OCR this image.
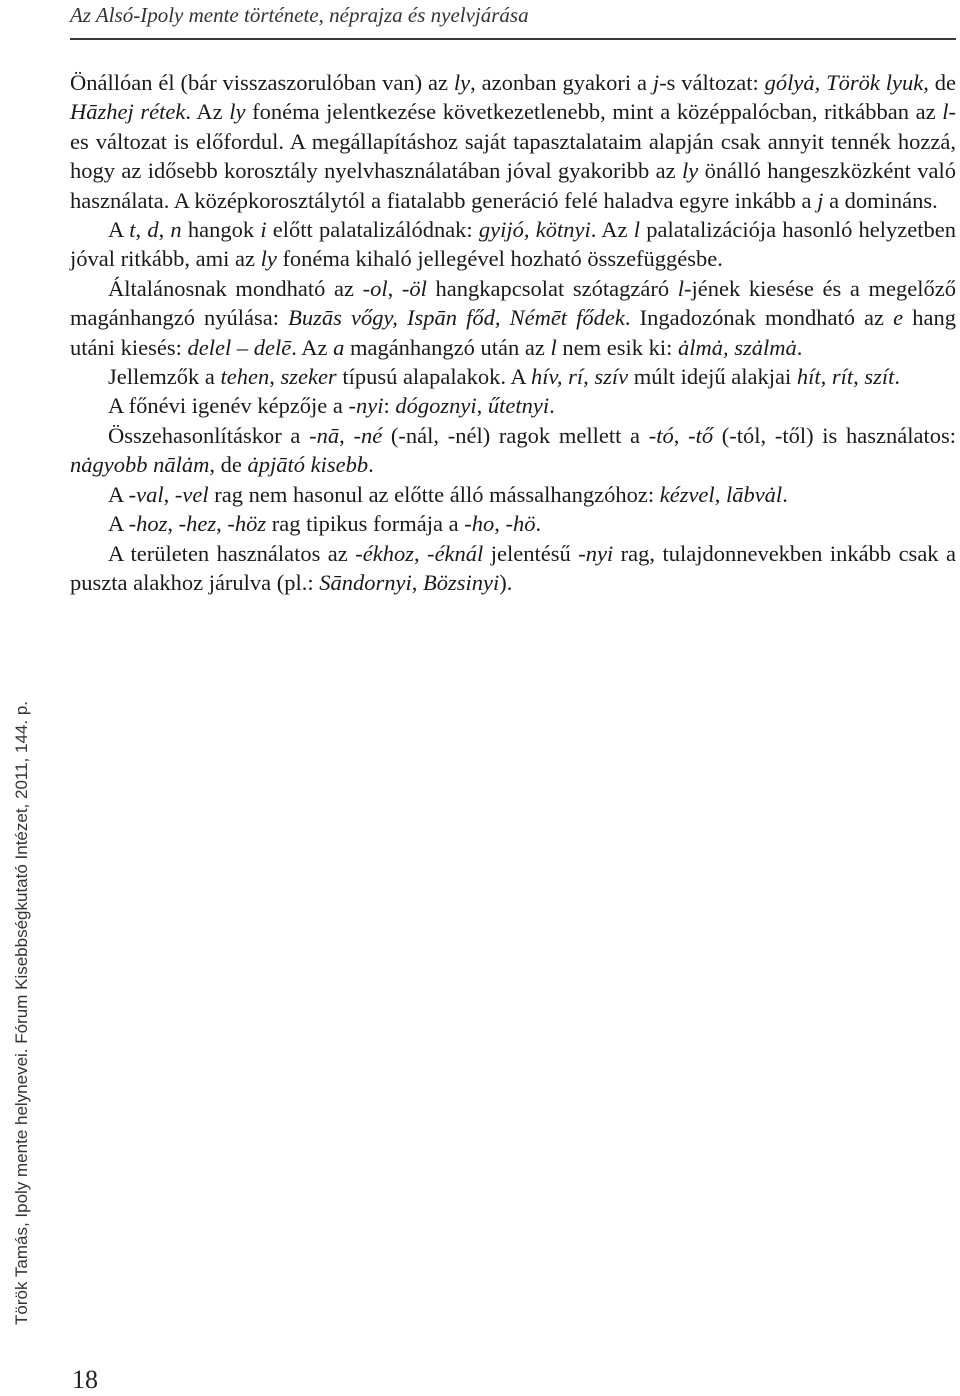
Az Alsó-Ipoly mente története, néprajza és nyelvjárása
Török Tamás, Ipoly mente helynevei. Fórum Kisebbségkutató Intézet, 2011, 144. p.

Önállóan él (bár visszaszorulóban van) az ly, azonban gyakori a j-s változat: gólyȧ, Török lyuk, de Hāzhej rétek. Az ly fonéma jelentkezése következetlenebb, mint a középpalócban, ritkábban az l-es változat is előfordul. A megállapításhoz saját tapasztalataim alapján csak annyit tennék hozzá, hogy az idősebb korosztály nyelvhasználatában jóval gyakoribb az ly önálló hangeszközként való használata. A középkorosztálytól a fiatalabb generáció felé haladva egyre inkább a j a domináns.

A t, d, n hangok i előtt palatalizálódnak: gyijó, kötnyi. Az l palatalizációja hasonló helyzetben jóval ritkább, ami az ly fonéma kihaló jellegével hozható összefüggésbe.

Általánosnak mondható az -ol, -öl hangkapcsolat szótagzáró l-jének kiesése és a megelőző magánhangzó nyúlása: Buzās vőgy, Ispān főd, Némēt fődek. Ingadozónak mondható az e hang utáni kiesés: delel – delē. Az a magánhangzó után az l nem esik ki: ȧlmȧ, szȧlmȧ.

Jellemzők a tehen, szeker típusú alapalakok. A hív, rí, szív múlt idejű alakjai hít, rít, szít.

A főnévi igenév képzője a -nyi: dógoznyi, űtetnyi.

Összehasonlításkor a -nā, -né (-nál, -nél) ragok mellett a -tó, -tő (-tól, -től) is használatos: nȧgyobb nālȧm, de ȧpjātó kisebb.

A -val, -vel rag nem hasonul az előtte álló mássalhangzóhoz: kézvel, lābvȧl.

A -hoz, -hez, -höz rag tipikus formája a -ho, -hö.

A területen használatos az -ékhoz, -éknál jelentésű -nyi rag, tulajdonnevekben inkább csak a puszta alakhoz járulva (pl.: Sāndornyi, Bözsinyi).

18
